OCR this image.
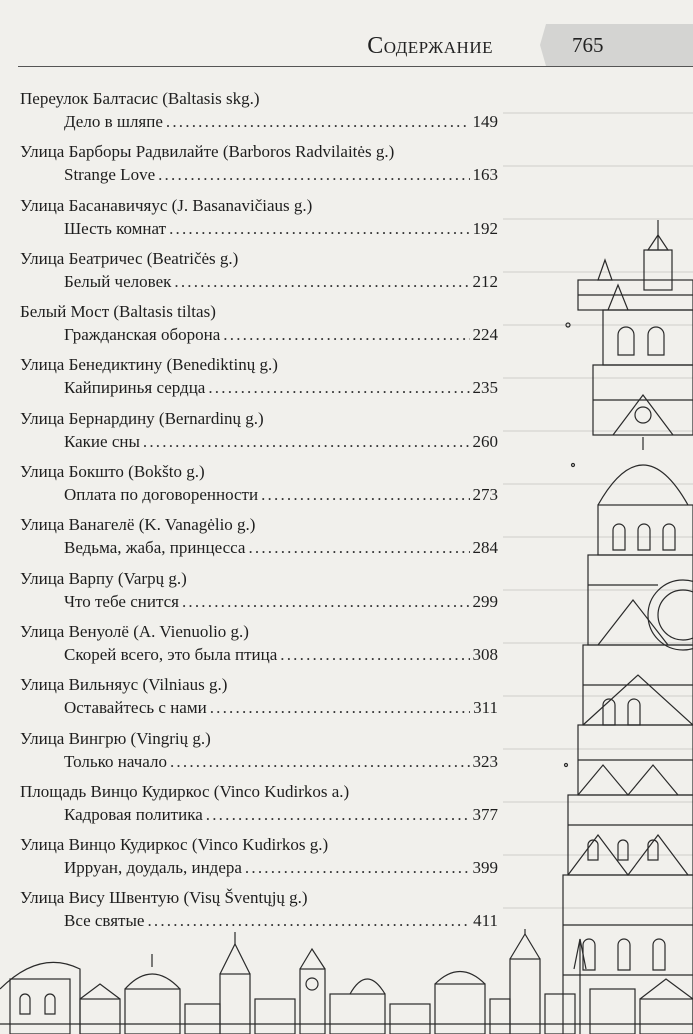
Содержание	765
Переулок Балтасис (Baltasis skg.)
Дело в шляпе .....	149
Улица Барборы Радвилайте (Barboros Radvilaitės g.)
Strange Love .....	163
Улица Басанавичяус (J. Basanavičiaus g.)
Шесть комнат .....	192
Улица Беатричес (Beatričės g.)
Белый человек .....	212
Белый Мост (Baltasis tiltas)
Гражданская оборона .....	224
Улица Бенедиктину (Benediktinų g.)
Кайпиринья сердца .....	235
Улица Бернардину (Bernardinų g.)
Какие сны .....	260
Улица Бокшто (Bokšto g.)
Оплата по договоренности .....	273
Улица Ванагелё (K. Vanagėlio g.)
Ведьма, жаба, принцесса .....	284
Улица Варпу (Varpų g.)
Что тебе снится .....	299
Улица Венуолё (A. Vienuolio g.)
Скорей всего, это была птица .....	308
Улица Вильняус (Vilniaus g.)
Оставайтесь с нами .....	311
Улица Вингрю (Vingrių g.)
Только начало .....	323
Площадь Винцо Кудиркос (Vinco Kudirkos a.)
Кадровая политика .....	377
Улица Винцо Кудиркос (Vinco Kudirkos g.)
Ирруан, доудаль, индера .....	399
Улица Вису Швентую (Visų Šventųjų g.)
Все святые .....	411
